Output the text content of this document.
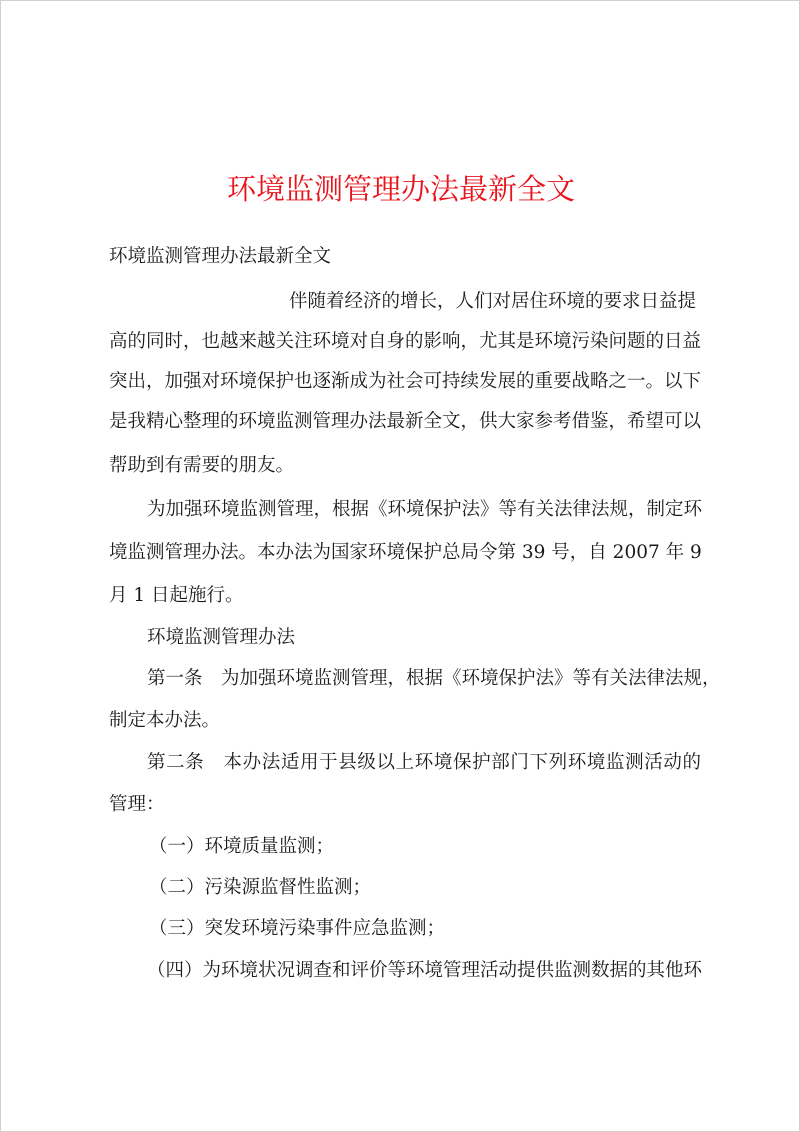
环境监测管理办法最新全文
环境监测管理办法最新全文
伴随着经济的增长，人们对居住环境的要求日益提
高的同时，也越来越关注环境对自身的影响，尤其是环境污染问题的日益
突出，加强对环境保护也逐渐成为社会可持续发展的重要战略之一。以下
是我精心整理的环境监测管理办法最新全文，供大家参考借鉴，希望可以
帮助到有需要的朋友。
为加强环境监测管理，根据《环境保护法》等有关法律法规，制定环
境监测管理办法。本办法为国家环境保护总局令第 39 号，自 2007 年 9
月 1 日起施行。
环境监测管理办法
第一条　为加强环境监测管理，根据《环境保护法》等有关法律法规，
制定本办法。
第二条　本办法适用于县级以上环境保护部门下列环境监测活动的
管理：
（一）环境质量监测；
（二）污染源监督性监测；
（三）突发环境污染事件应急监测；
（四）为环境状况调查和评价等环境管理活动提供监测数据的其他环
